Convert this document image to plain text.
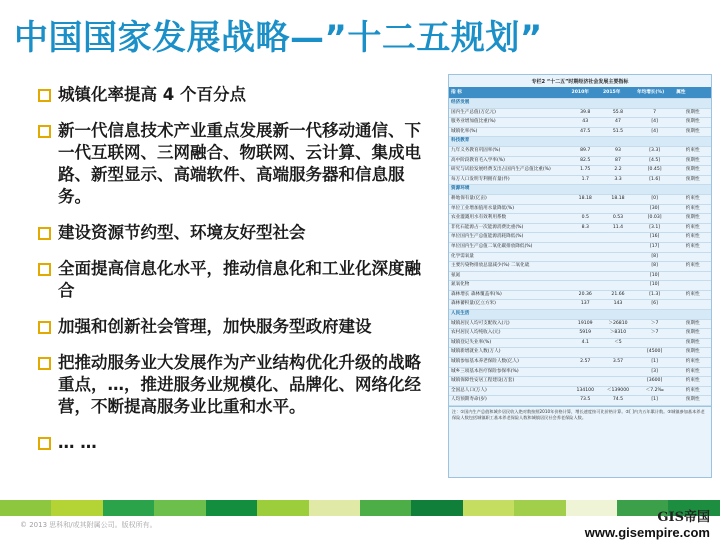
中国国家发展战略—”十二五规划”
城镇化率提高 4 个百分点
新一代信息技术产业重点发展新一代移动通信、下一代互联网、三网融合、物联网、云计算、集成电路、新型显示、高端软件、高端服务器和信息服务。
建设资源节约型、环境友好型社会
全面提高信息化水平，推动信息化和工业化深度融合
加强和创新社会管理，加快服务型政府建设
把推动服务业大发展作为产业结构优化升级的战略重点，…，推进服务业规模化、品牌化、网络化经营，不断提高服务业比重和水平。
… …
专栏2 “十二五”时期经济社会发展主要指标
指 标	2010年	2015年	年均增长(%)	属性
经济发展				
国内生产总值(万亿元)	39.8	55.8	7	预期性
服务业增加值比重(%)	43	47	[4]	预期性
城镇化率(%)	47.5	51.5	[4]	预期性
科技教育				
九年义务教育巩固率(%)	89.7	93	[3.3]	约束性
高中阶段教育毛入学率(%)	82.5	87	[4.5]	预期性
研究与试验发展经费支出占国内生产总值比重(%)	1.75	2.2	[0.45]	预期性
每万人口发明专利拥有量(件)	1.7	3.3	[1.6]	预期性
资源环境				
耕地保有量(亿亩)	18.18	18.18	[0]	约束性
单位工业增加值用水量降低(%)			[30]	约束性
农业灌溉用水有效利用系数	0.5	0.53	[0.03]	预期性
非化石能源占一次能源消费比重(%)	8.3	11.4	[3.1]	约束性
单位国内生产总值能源消耗降低(%)			[16]	约束性
单位国内生产总值二氧化碳排放降低(%)			[17]	约束性
化学需氧量			[8]	
主要污染物排放总量减少(%) 二氧化硫			[8]	约束性
氨氮			[10]	
氮氧化物			[10]	
森林增长 森林覆盖率(%)	20.36	21.66	[1.3]	约束性
森林蓄积量(亿立方米)	137	143	[6]	
人民生活				
城镇居民人均可支配收入(元)	19109	＞26810	＞7	预期性
农村居民人均纯收入(元)	5919	＞8310	＞7	预期性
城镇登记失业率(%)	4.1	＜5		预期性
城镇新增就业人数(万人)			[4500]	预期性
城镇参加基本养老保险人数(亿人)	2.57	3.57	[1]	约束性
城乡三项基本医疗保险参保率(%)			[3]	约束性
城镇保障性安居工程建设(万套)			[3600]	约束性
全国总人口(万人)	134100	＜139000	＜7.2‰	约束性
人均预期寿命(岁)	73.5	74.5	[1]	预期性
注：①国内生产总值和城乡居民收入绝对数按照2010年价格计算，增长速度按可比价格计算。②[ ]内为五年累计数。③城镇参加基本养老保险人数包括城镇职工基本养老保险人数和城镇居民社会养老保险人数。
© 2013 思科和/或其附属公司。版权所有。	GIS帝国
www.gisempire.com
